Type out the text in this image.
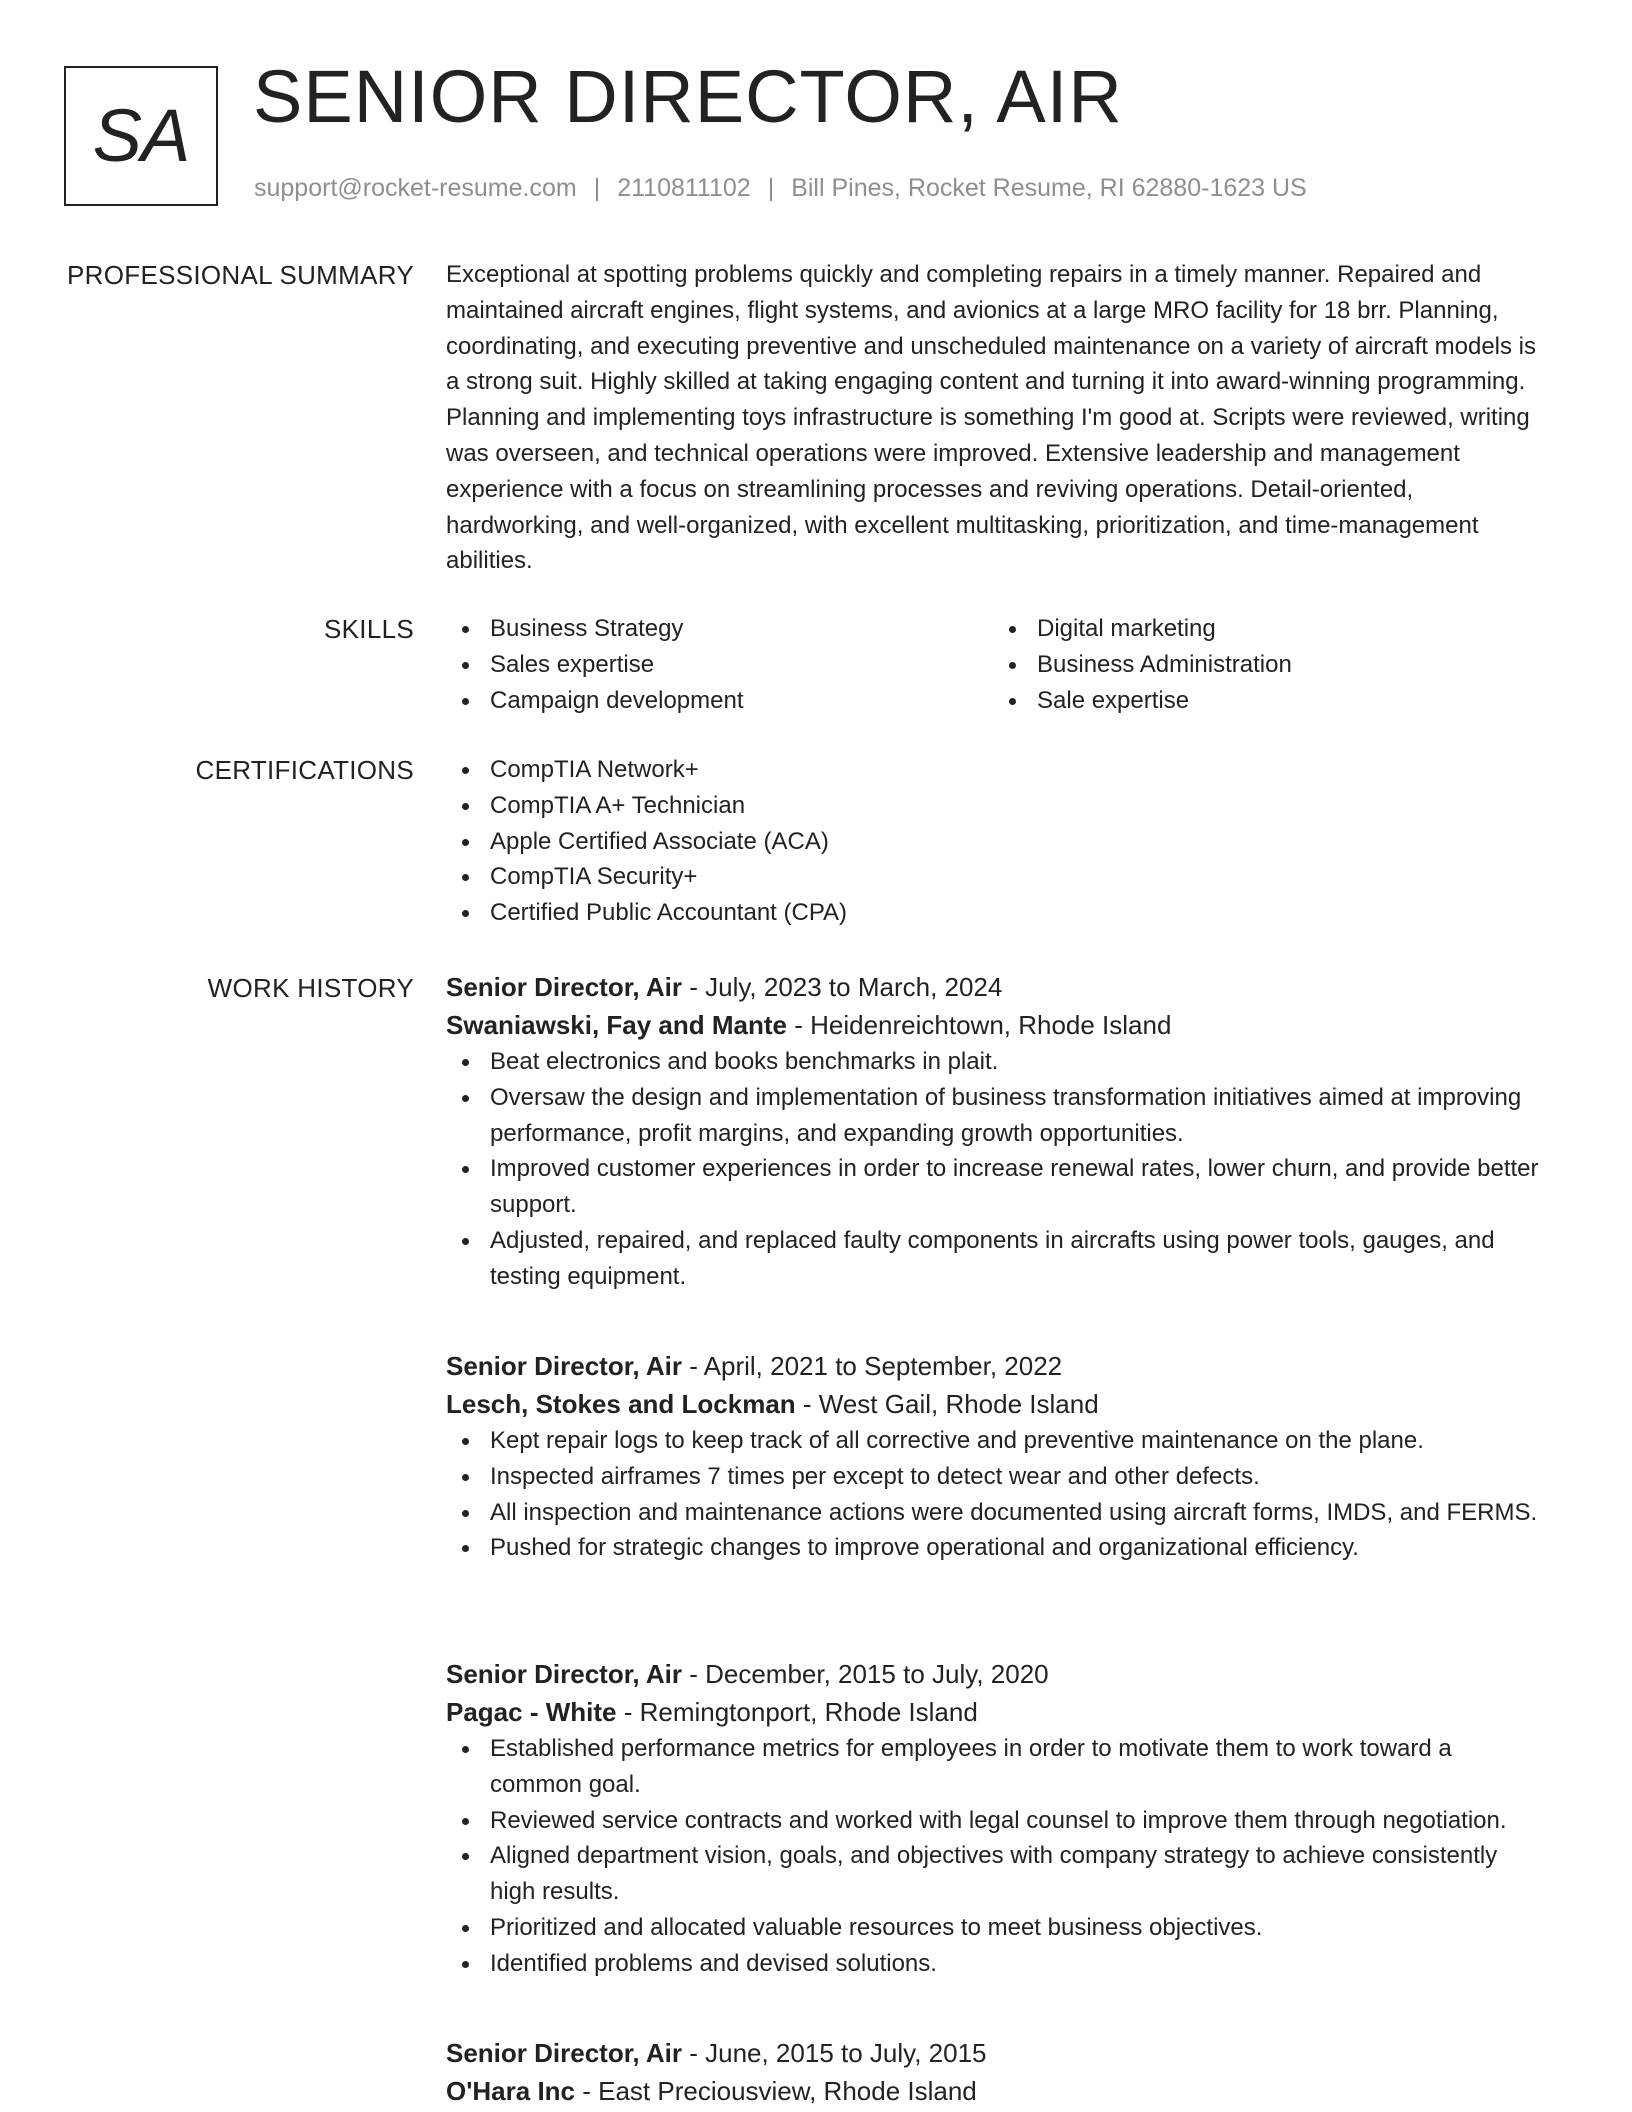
SA SENIOR DIRECTOR, AIR
support@rocket-resume.com | 2110811102 | Bill Pines, Rocket Resume, RI 62880-1623 US
PROFESSIONAL SUMMARY Exceptional at spotting problems quickly and completing repairs in a timely manner. Repaired and maintained aircraft engines, flight systems, and avionics at a large MRO facility for 18 brr. Planning, coordinating, and executing preventive and unscheduled maintenance on a variety of aircraft models is a strong suit. Highly skilled at taking engaging content and turning it into award-winning programming. Planning and implementing toys infrastructure is something I'm good at. Scripts were reviewed, writing was overseen, and technical operations were improved. Extensive leadership and management experience with a focus on streamlining processes and reviving operations. Detail-oriented, hardworking, and well-organized, with excellent multitasking, prioritization, and time-management abilities.

SKILLS	Business Strategy
Sales expertise
Campaign development
Digital marketing
Business Administration
Sale expertise
CERTIFICATIONS	CompTIA Network+
CompTIA A+ Technician
Apple Certified Associate (ACA)
CompTIA Security+
Certified Public Accountant (CPA)
WORK HISTORY Senior Director, Air - July, 2023 to March, 2024

Swaniawski, Fay and Mante - Heidenreichtown, Rhode Island

Beat electronics and books benchmarks in plait.
Oversaw the design and implementation of business transformation initiatives aimed at improving performance, profit margins, and expanding growth opportunities.
Improved customer experiences in order to increase renewal rates, lower churn, and provide better support.
Adjusted, repaired, and replaced faulty components in aircrafts using power tools, gauges, and testing equipment.

Senior Director, Air - April, 2021 to September, 2022

Lesch, Stokes and Lockman - West Gail, Rhode Island

Kept repair logs to keep track of all corrective and preventive maintenance on the plane.
Inspected airframes 7 times per except to detect wear and other defects.
All inspection and maintenance actions were documented using aircraft forms, IMDS, and FERMS.
Pushed for strategic changes to improve operational and organizational efficiency.

Senior Director, Air - December, 2015 to July, 2020

Pagac - White - Remingtonport, Rhode Island

Established performance metrics for employees in order to motivate them to work toward a common goal.
Reviewed service contracts and worked with legal counsel to improve them through negotiation.
Aligned department vision, goals, and objectives with company strategy to achieve consistently high results.
Prioritized and allocated valuable resources to meet business objectives.
Identified problems and devised solutions.

Senior Director, Air - June, 2015 to July, 2015

O'Hara Inc - East Preciousview, Rhode Island
